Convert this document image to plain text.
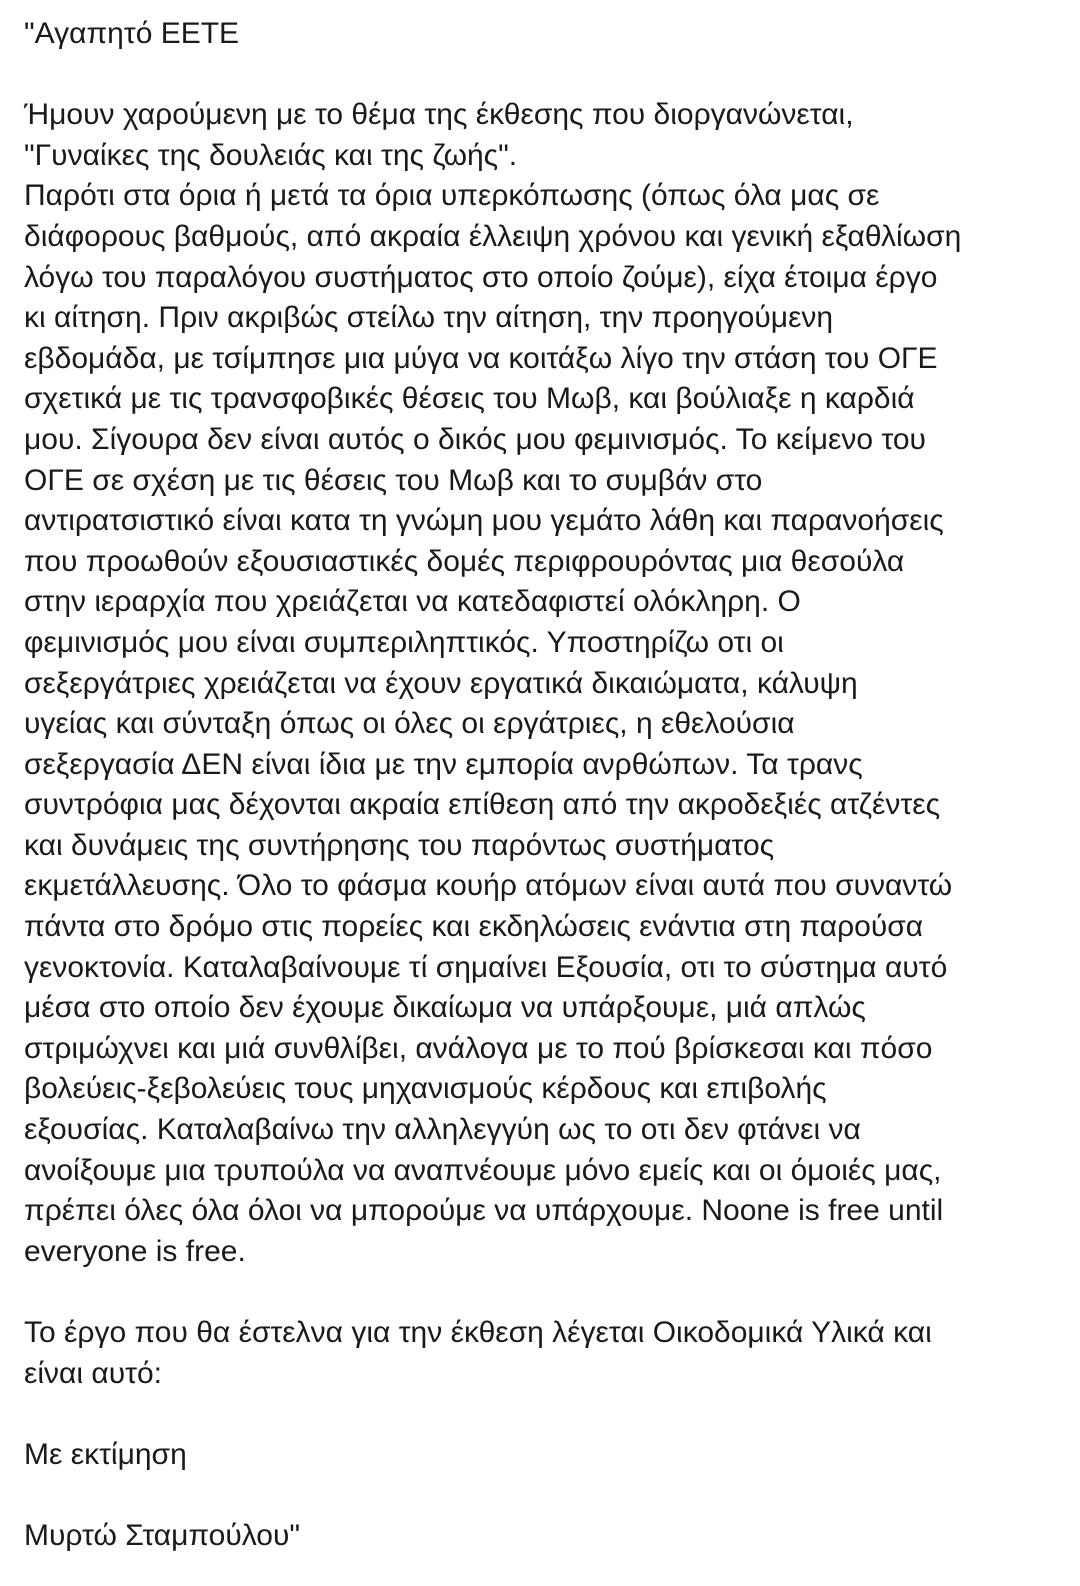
"Αγαπητό ΕΕΤΕ

Ήμουν χαρούμενη με το θέμα της έκθεσης που διοργανώνεται,
"Γυναίκες της δουλειάς και της ζωής".
Παρότι στα όρια ή μετά τα όρια υπερκόπωσης (όπως όλα μας σε
διάφορους βαθμούς, από ακραία έλλειψη χρόνου και γενική εξαθλίωση
λόγω του παραλόγου συστήματος στο οποίο ζούμε), είχα έτοιμα έργο
κι αίτηση. Πριν ακριβώς στείλω την αίτηση, την προηγούμενη
εβδομάδα, με τσίμπησε μια μύγα να κοιτάξω λίγο την στάση του ΟΓΕ
σχετικά με τις τρανσφοβικές θέσεις του Μωβ, και βούλιαξε η καρδιά
μου. Σίγουρα δεν είναι αυτός ο δικός μου φεμινισμός. Το κείμενο του
ΟΓΕ σε σχέση με τις θέσεις του Μωβ και το συμβάν στο
αντιρατσιστικό είναι κατα τη γνώμη μου γεμάτο λάθη και παρανοήσεις
που προωθούν εξουσιαστικές δομές περιφρουρόντας μια θεσούλα
στην ιεραρχία που χρειάζεται να κατεδαφιστεί ολόκληρη. Ο
φεμινισμός μου είναι συμπεριληπτικός. Υποστηρίζω οτι οι
σεξεργάτριες χρειάζεται να έχουν εργατικά δικαιώματα, κάλυψη
υγείας και σύνταξη όπως οι όλες οι εργάτριες, η εθελούσια
σεξεργασία ΔΕΝ είναι ίδια με την εμπορία ανρθώπων. Τα τρανς
συντρόφια μας δέχονται ακραία επίθεση από την ακροδεξιές ατζέντες
και δυνάμεις της συντήρησης του παρόντως συστήματος
εκμετάλλευσης. Όλο το φάσμα κουήρ ατόμων είναι αυτά που συναντώ
πάντα στο δρόμο στις πορείες και εκδηλώσεις ενάντια στη παρούσα
γενοκτονία. Καταλαβαίνουμε τί σημαίνει Εξουσία, οτι το σύστημα αυτό
μέσα στο οποίο δεν έχουμε δικαίωμα να υπάρξουμε, μιά απλώς
στριμώχνει και μιά συνθλίβει, ανάλογα με το πού βρίσκεσαι και πόσο
βολεύεις-ξεβολεύεις τους μηχανισμούς κέρδους και επιβολής
εξουσίας. Καταλαβαίνω την αλληλεγγύη ως το οτι δεν φτάνει να
ανοίξουμε μια τρυπούλα να αναπνέουμε μόνο εμείς και οι όμοιές μας,
πρέπει όλες όλα όλοι να μπορούμε να υπάρχουμε. Noone is free until
everyone is free.

Το έργο που θα έστελνα για την έκθεση λέγεται Οικοδομικά Υλικά και
είναι αυτό:

Με εκτίμηση

Μυρτώ Σταμπούλου"
